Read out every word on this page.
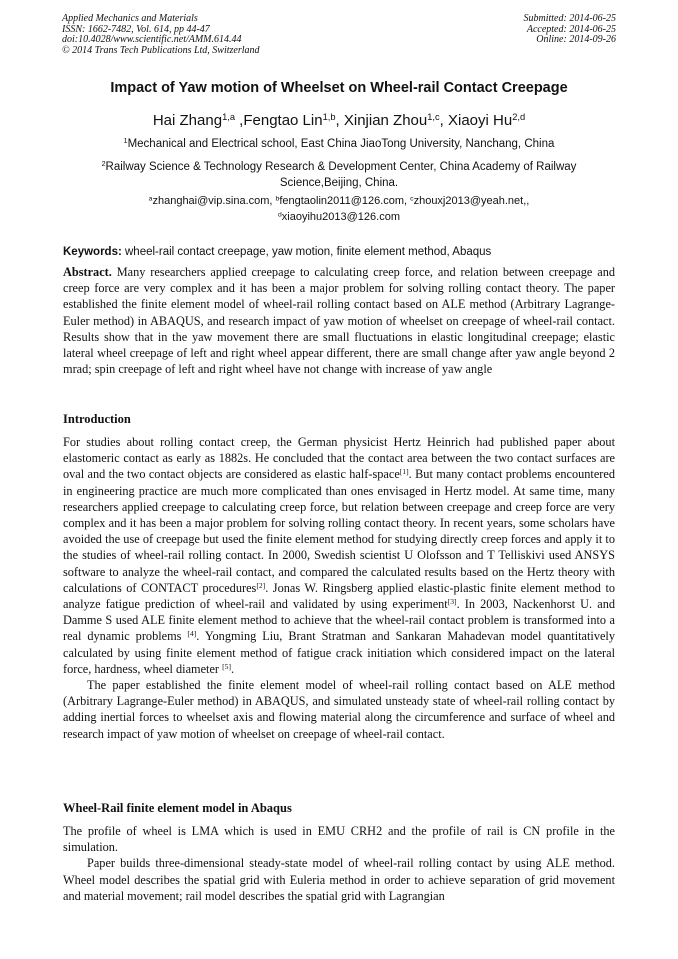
Applied Mechanics and Materials
ISSN: 1662-7482, Vol. 614, pp 44-47
doi:10.4028/www.scientific.net/AMM.614.44
© 2014 Trans Tech Publications Ltd, Switzerland
Submitted: 2014-06-25
Accepted: 2014-06-25
Online: 2014-09-26
Impact of Yaw motion of Wheelset on Wheel-rail Contact Creepage
Hai Zhang$^{1,a}$ ,Fengtao Lin$^{1,b}$, Xinjian Zhou$^{1,c}$, Xiaoyi Hu$^{2,d}$
$^1$Mechanical and Electrical school, East China JiaoTong University, Nanchang, China
$^2$Railway Science & Technology Research & Development Center, China Academy of Railway Science,Beijing, China.
$^a$zhanghai@vip.sina.com, $^b$fengtaolin2011@126.com, $^c$zhouxj2013@yeah.net,,
$^d$xiaoyihu2013@126.com
Keywords: wheel-rail contact creepage, yaw motion, finite element method, Abaqus
Abstract. Many researchers applied creepage to calculating creep force, and relation between creepage and creep force are very complex and it has been a major problem for solving rolling contact theory. The paper established the finite element model of wheel-rail rolling contact based on ALE method (Arbitrary Lagrange-Euler method) in ABAQUS, and research impact of yaw motion of wheelset on creepage of wheel-rail contact. Results show that in the yaw movement there are small fluctuations in elastic longitudinal creepage; elastic lateral wheel creepage of left and right wheel appear different, there are small change after yaw angle beyond 2 mrad; spin creepage of left and right wheel have not change with increase of yaw angle
Introduction

For studies about rolling contact creep, the German physicist Hertz Heinrich had published paper about elastomeric contact as early as 1882s. He concluded that the contact area between the two contact surfaces are oval and the two contact objects are considered as elastic half-space[1]. But many contact problems encountered in engineering practice are much more complicated than ones envisaged in Hertz model. At same time, many researchers applied creepage to calculating creep force, but relation between creepage and creep force are very complex and it has been a major problem for solving rolling contact theory. In recent years, some scholars have avoided the use of creepage but used the finite element method for studying directly creep forces and apply it to the studies of wheel-rail rolling contact. In 2000, Swedish scientist U Olofsson and T Telliskivi used ANSYS software to analyze the wheel-rail contact, and compared the calculated results based on the Hertz theory with calculations of CONTACT procedures[2]. Jonas W. Ringsberg applied elastic-plastic finite element method to analyze fatigue prediction of wheel-rail and validated by using experiment[3]. In 2003, Nackenhorst U. and Damme S used ALE finite element method to achieve that the wheel-rail contact problem is transformed into a real dynamic problems [4]. Yongming Liu, Brant Stratman and Sankaran Mahadevan model quantitatively calculated by using finite element method of fatigue crack initiation which considered impact on the lateral force, hardness, wheel diameter [5].

The paper established the finite element model of wheel-rail rolling contact based on ALE method (Arbitrary Lagrange-Euler method) in ABAQUS, and simulated unsteady state of wheel-rail rolling contact by adding inertial forces to wheelset axis and flowing material along the circumference and surface of wheel and research impact of yaw motion of wheelset on creepage of wheel-rail contact.

Wheel-Rail finite element model in Abaqus

The profile of wheel is LMA which is used in EMU CRH2 and the profile of rail is CN profile in the simulation.

Paper builds three-dimensional steady-state model of wheel-rail rolling contact by using ALE method. Wheel model describes the spatial grid with Euleria method in order to achieve separation of grid movement and material movement; rail model describes the spatial grid with Lagrangian
